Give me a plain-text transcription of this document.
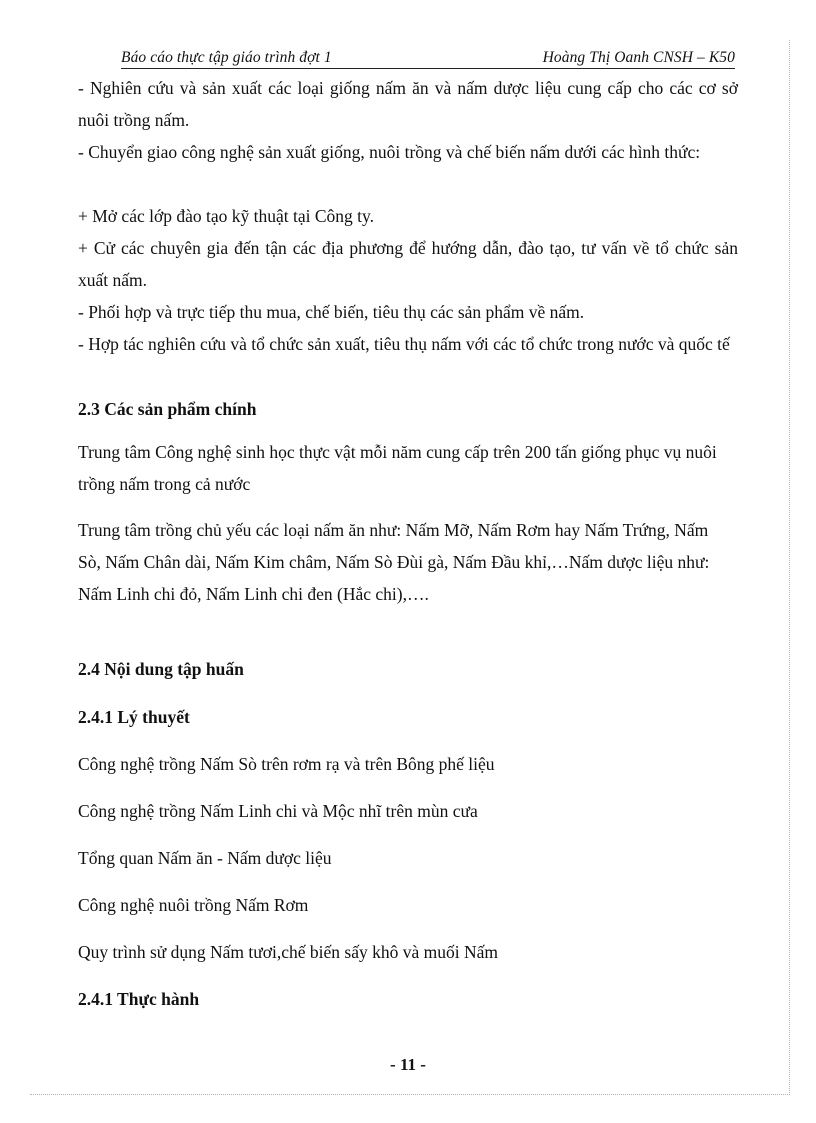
Báo cáo thực tập giáo trình đợt 1	Hoàng Thị Oanh CNSH – K50

- Nghiên cứu và sản xuất các loại giống nấm ăn và nấm dược liệu cung cấp cho các cơ sở nuôi trồng nấm.

- Chuyển giao công nghệ sản xuất giống, nuôi trồng và chế biến nấm dưới các hình thức:

+ Mở các lớp đào tạo kỹ thuật tại Công ty.

+ Cử các chuyên gia đến tận các địa phương để hướng dẫn, đào tạo, tư vấn về tổ chức sản xuất nấm.

- Phối hợp và trực tiếp thu mua, chế biến, tiêu thụ các sản phẩm về nấm.

- Hợp tác nghiên cứu và tổ chức sản xuất, tiêu thụ nấm với các tổ chức trong nước và quốc tế

2.3 Các sản phẩm chính

Trung tâm Công nghệ sinh học thực vật mỗi năm cung cấp trên 200 tấn giống phục vụ nuôi trồng nấm trong cả nước

Trung tâm trồng chủ yếu các loại nấm ăn như: Nấm Mỡ, Nấm Rơm hay Nấm Trứng, Nấm Sò, Nấm Chân dài, Nấm Kim châm, Nấm Sò Đùi gà, Nấm Đầu khỉ,…Nấm dược liệu như: Nấm Linh chi đỏ, Nấm Linh chi đen (Hắc chi),….

2.4 Nội dung tập huấn

2.4.1 Lý thuyết

Công nghệ trồng Nấm Sò trên rơm rạ và trên Bông phế liệu

Công nghệ trồng Nấm Linh chi và Mộc nhĩ trên mùn cưa

Tổng quan Nấm ăn - Nấm dược liệu

Công nghệ nuôi trồng Nấm Rơm

Quy trình sử dụng Nấm tươi,chế biến sấy khô và muối Nấm

2.4.1 Thực hành

- 11 -
